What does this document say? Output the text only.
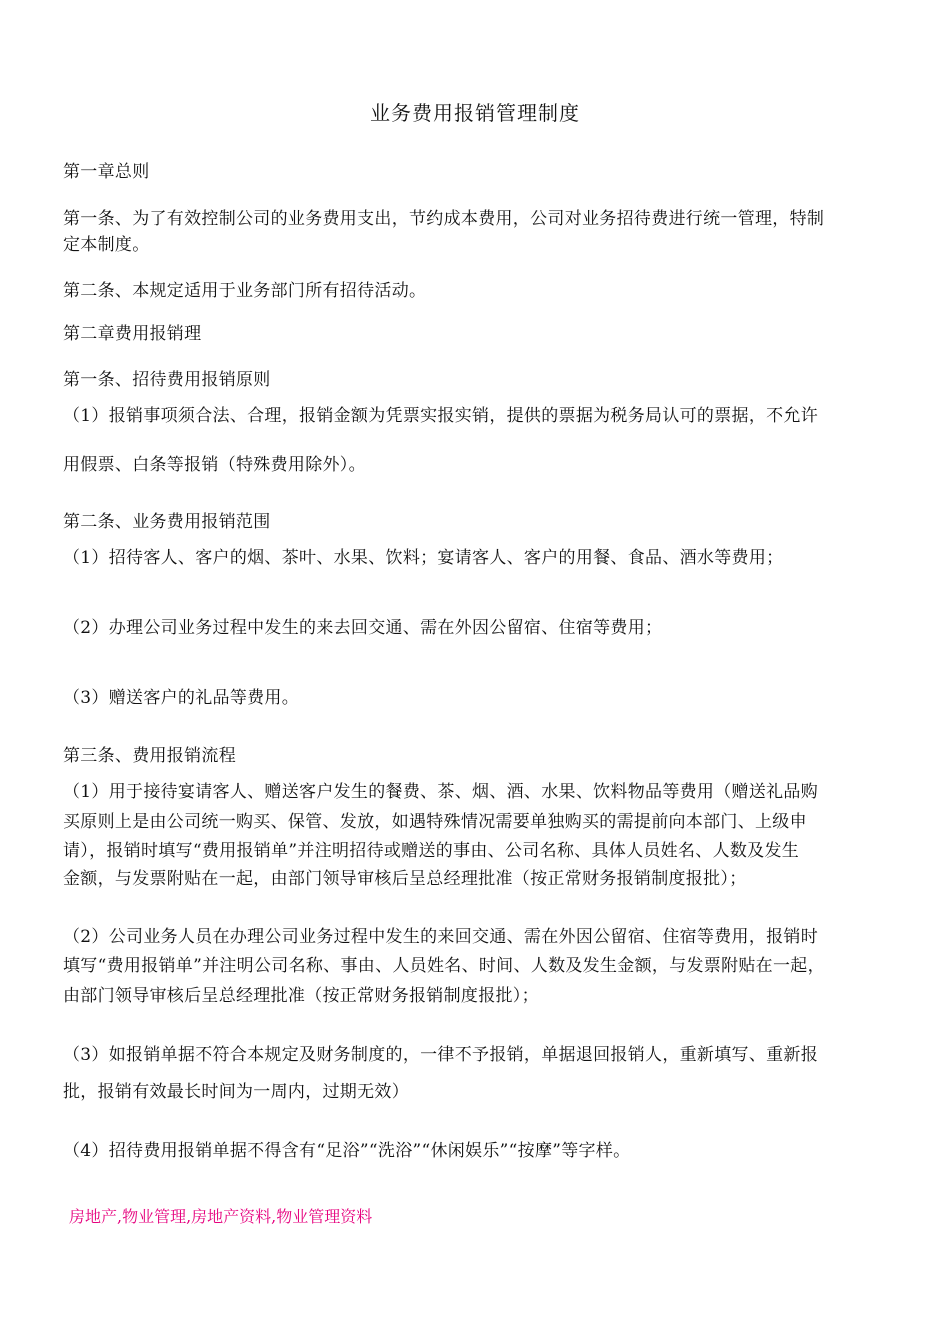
业务费用报销管理制度
第一章总则
第一条、为了有效控制公司的业务费用支出，节约成本费用，公司对业务招待费进行统一管理，特制
定本制度。
第二条、本规定适用于业务部门所有招待活动。
第二章费用报销理
第一条、招待费用报销原则
（1）报销事项须合法、合理，报销金额为凭票实报实销，提供的票据为税务局认可的票据，不允许
用假票、白条等报销（特殊费用除外）。
第二条、业务费用报销范围
（1）招待客人、客户的烟、茶叶、水果、饮料；宴请客人、客户的用餐、食品、酒水等费用；
（2）办理公司业务过程中发生的来去回交通、需在外因公留宿、住宿等费用；
（3）赠送客户的礼品等费用。
第三条、费用报销流程
（1）用于接待宴请客人、赠送客户发生的餐费、茶、烟、酒、水果、饮料物品等费用（赠送礼品购
买原则上是由公司统一购买、保管、发放，如遇特殊情况需要单独购买的需提前向本部门、上级申
请），报销时填写“费用报销单”并注明招待或赠送的事由、公司名称、具体人员姓名、人数及发生
金额，与发票附贴在一起，由部门领导审核后呈总经理批准（按正常财务报销制度报批）；
（2）公司业务人员在办理公司业务过程中发生的来回交通、需在外因公留宿、住宿等费用，报销时
填写“费用报销单”并注明公司名称、事由、人员姓名、时间、人数及发生金额，与发票附贴在一起，
由部门领导审核后呈总经理批准（按正常财务报销制度报批）；
（3）如报销单据不符合本规定及财务制度的，一律不予报销，单据退回报销人，重新填写、重新报
批，报销有效最长时间为一周内，过期无效）
（4）招待费用报销单据不得含有“足浴”“洗浴”“休闲娱乐”“按摩”等字样。
房地产,物业管理,房地产资料,物业管理资料
